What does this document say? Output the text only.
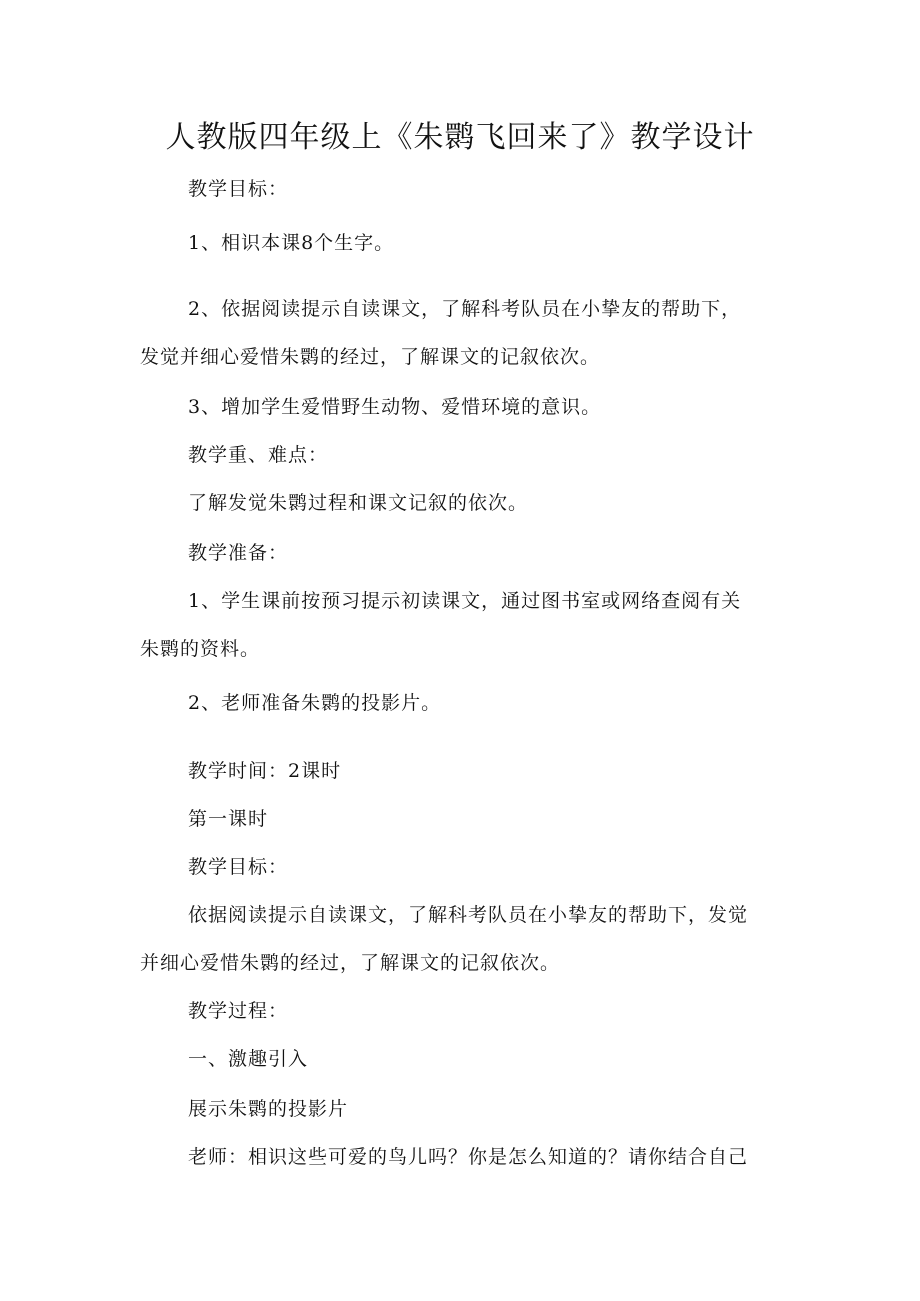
人教版四年级上《朱鹮飞回来了》教学设计
教学目标：
1、相识本课8个生字。
2、依据阅读提示自读课文，了解科考队员在小挚友的帮助下，
发觉并细心爱惜朱鹮的经过，了解课文的记叙依次。
3、增加学生爱惜野生动物、爱惜环境的意识。
教学重、难点：
了解发觉朱鹮过程和课文记叙的依次。
教学准备：
1、学生课前按预习提示初读课文，通过图书室或网络查阅有关
朱鹮的资料。
2、老师准备朱鹮的投影片。
教学时间：2课时
第一课时
教学目标：
依据阅读提示自读课文，了解科考队员在小挚友的帮助下，发觉
并细心爱惜朱鹮的经过，了解课文的记叙依次。
教学过程：
一、激趣引入
展示朱鹮的投影片
老师：相识这些可爱的鸟儿吗？你是怎么知道的？请你结合自己
